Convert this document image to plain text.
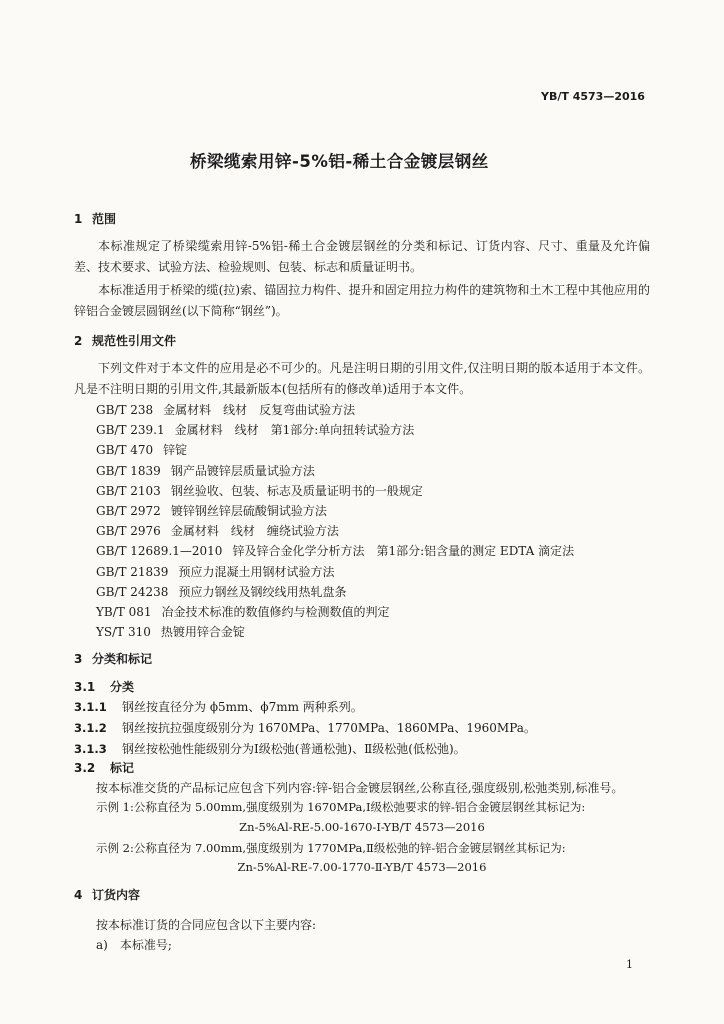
YB/T 4573—2016
桥梁缆索用锌-5%铝-稀土合金镀层钢丝
1 范围
本标准规定了桥梁缆索用锌-5%铝-稀土合金镀层钢丝的分类和标记、订货内容、尺寸、重量及允许偏差、技术要求、试验方法、检验规则、包装、标志和质量证明书。
本标准适用于桥梁的缆(拉)索、锚固拉力构件、提升和固定用拉力构件的建筑物和土木工程中其他应用的锌铝合金镀层圆钢丝(以下简称“钢丝”)。
2 规范性引用文件
下列文件对于本文件的应用是必不可少的。凡是注明日期的引用文件,仅注明日期的版本适用于本文件。凡是不注明日期的引用文件,其最新版本(包括所有的修改单)适用于本文件。
GB/T 238 金属材料　线材　反复弯曲试验方法
GB/T 239.1 金属材料　线材　第1部分:单向扭转试验方法
GB/T 470 锌锭
GB/T 1839 钢产品镀锌层质量试验方法
GB/T 2103 钢丝验收、包装、标志及质量证明书的一般规定
GB/T 2972 镀锌钢丝锌层硫酸铜试验方法
GB/T 2976 金属材料　线材　缠绕试验方法
GB/T 12689.1—2010 锌及锌合金化学分析方法　第1部分:铝含量的测定 EDTA 滴定法
GB/T 21839 预应力混凝土用钢材试验方法
GB/T 24238 预应力钢丝及钢绞线用热轧盘条
YB/T 081 冶金技术标准的数值修约与检测数值的判定
YS/T 310 热镀用锌合金锭
3 分类和标记
3.1 分类
3.1.1 钢丝按直径分为 ϕ5mm、ϕ7mm 两种系列。
3.1.2 钢丝按抗拉强度级别分为 1670MPa、1770MPa、1860MPa、1960MPa。
3.1.3 钢丝按松弛性能级别分为Ⅰ级松弛(普通松弛)、Ⅱ级松弛(低松弛)。
3.2 标记
按本标准交货的产品标记应包含下列内容:锌-铝合金镀层钢丝,公称直径,强度级别,松弛类别,标准号。
示例 1:公称直径为 5.00mm,强度级别为 1670MPa,Ⅰ级松弛要求的锌-铝合金镀层钢丝其标记为:
Zn-5%Al-RE-5.00-1670-Ⅰ-YB/T 4573—2016
示例 2:公称直径为 7.00mm,强度级别为 1770MPa,Ⅱ级松弛的锌-铝合金镀层钢丝其标记为:
Zn-5%Al-RE-7.00-1770-Ⅱ-YB/T 4573—2016
4 订货内容
按本标准订货的合同应包含以下主要内容:
a)　本标准号;
1
